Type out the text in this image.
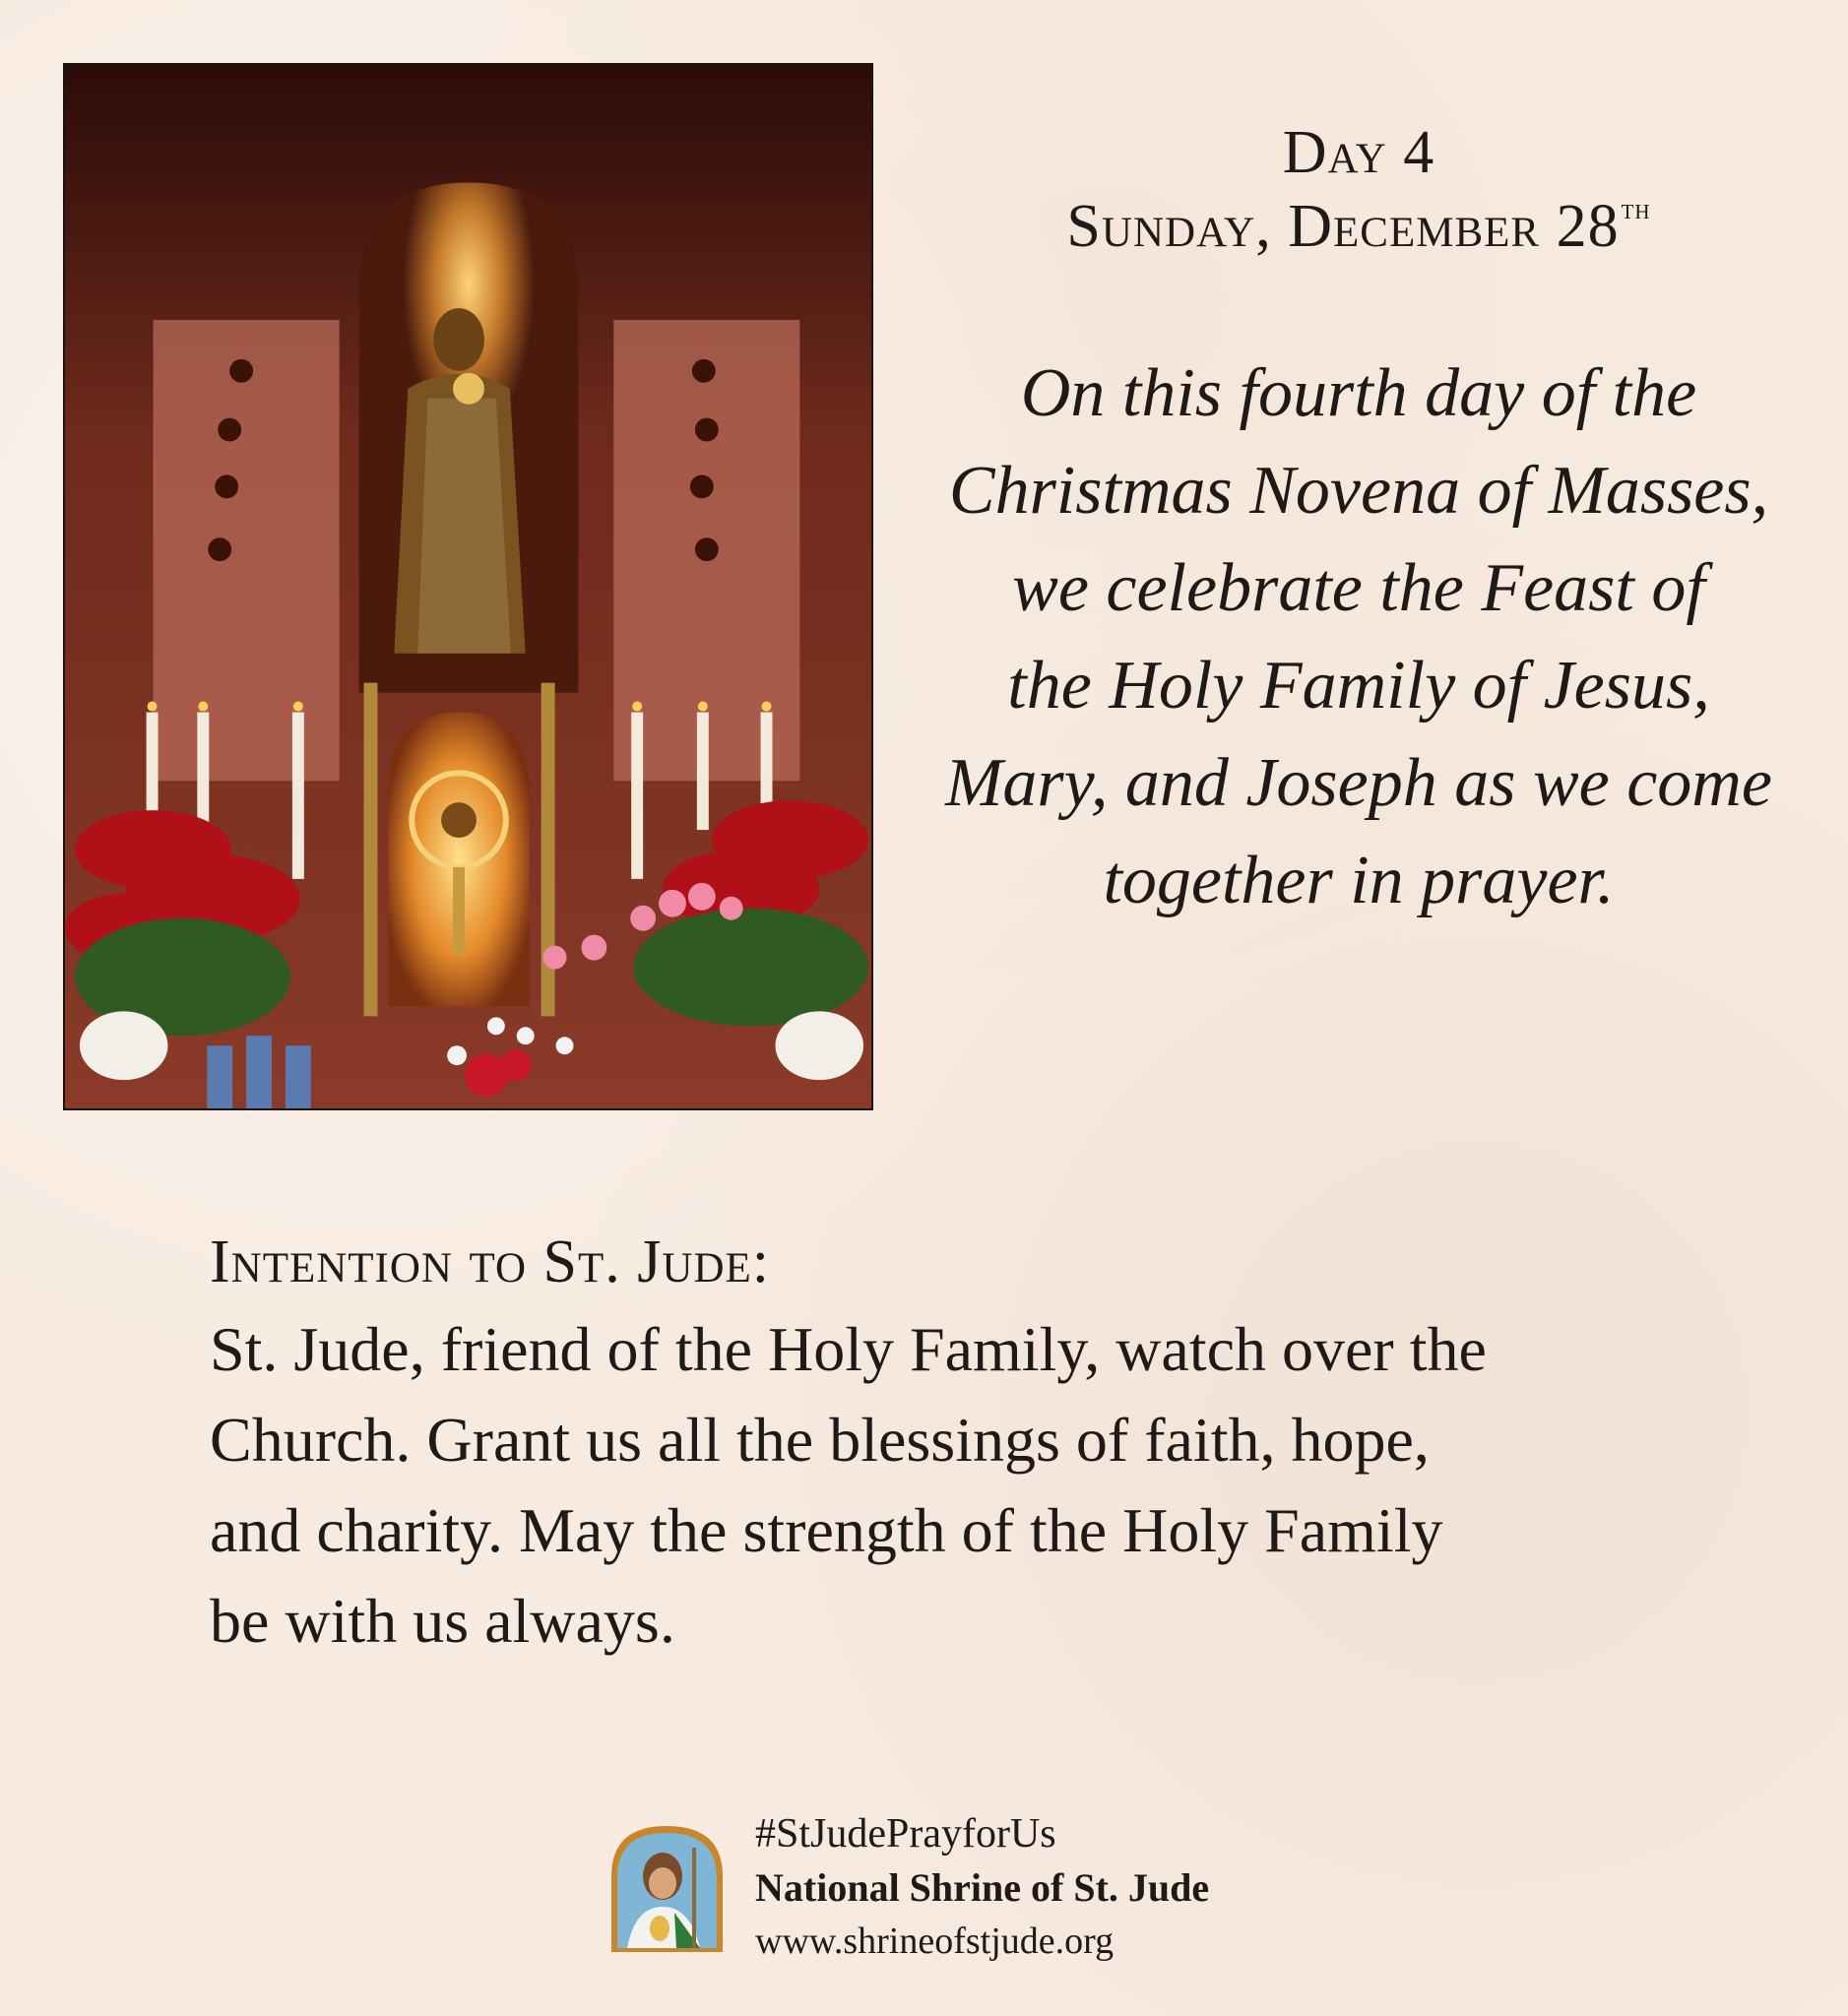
Day 4
Sunday, December 28th
On this fourth day of the
Christmas Novena of Masses,
we celebrate the Feast of
the Holy Family of Jesus,
Mary, and Joseph as we come
together in prayer.
Intention to St. Jude:
St. Jude, friend of the Holy Family, watch over the
Church. Grant us all the blessings of faith, hope,
and charity. May the strength of the Holy Family
be with us always.
#StJudePrayforUs
National Shrine of St. Jude
www.shrineofstjude.org
